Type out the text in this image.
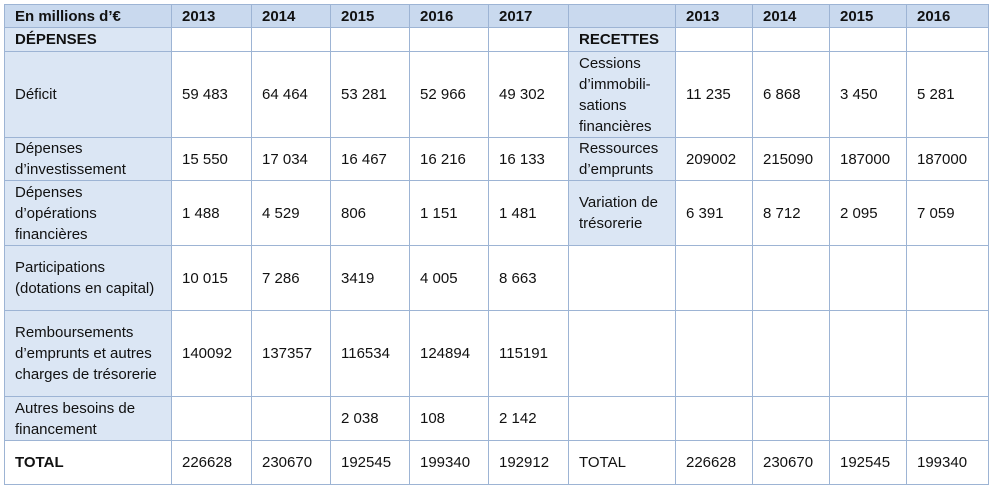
En millions d’€	2013	2014	2015	2016	2017		2013	2014	2015	2016
DÉPENSES						RECETTES				
Déficit	59 483	64 464	53 281	52 966	49 302	Cessions d’immobili- sations financières	11 235	6 868	3 450	5 281
Dépenses d’investissement	15 550	17 034	16 467	16 216	16 133	Ressources d’emprunts	209002	215090	187000	187000
Dépenses d’opérations financières	1 488	4 529	806	1 151	1 481	Variation de trésorerie	6 391	8 712	2 095	7 059
Participations (dotations en capital)	10 015	7 286	3419	4 005	8 663					
Remboursements d’emprunts et autres charges de trésorerie	140092	137357	116534	124894	115191					
Autres besoins de financement			2 038	108	2 142					
TOTAL	226628	230670	192545	199340	192912	TOTAL	226628	230670	192545	199340
